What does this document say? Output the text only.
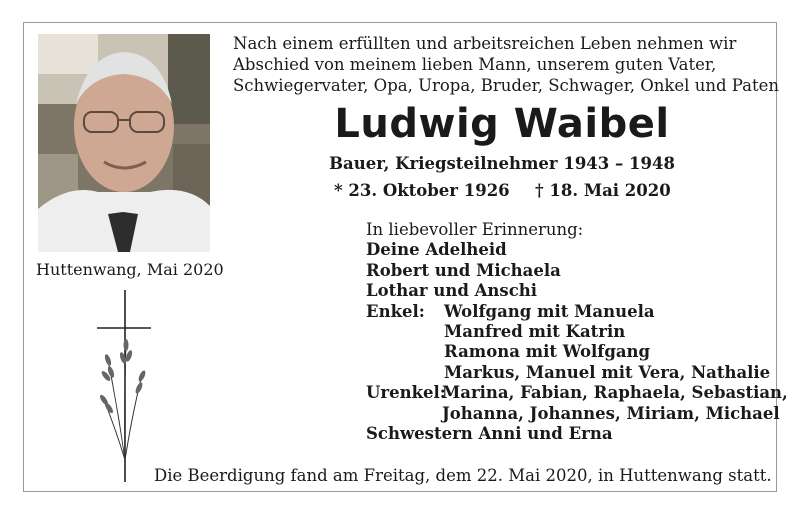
Huttenwang, Mai 2020
Nach einem erfüllten und arbeitsreichen Leben nehmen wir
Abschied von meinem lieben Mann, unserem guten Vater,
Schwiegervater, Opa, Uropa, Bruder, Schwager, Onkel und Paten
Ludwig Waibel
Bauer, Kriegsteilnehmer 1943 – 1948
* 23. Oktober 1926 † 18. Mai 2020
In liebevoller Erinnerung:
Deine Adelheid
Robert und Michaela
Lothar und Anschi
Enkel:	Wolfgang mit Manuela
Manfred mit Katrin
Ramona mit Wolfgang
Markus, Manuel mit Vera, Nathalie
Urenkel:
Marina, Fabian, Raphaela, Sebastian,
Johanna, Johannes, Miriam, Michael
Schwestern Anni und Erna
Die Beerdigung fand am Freitag, dem 22. Mai 2020, in Huttenwang statt.
